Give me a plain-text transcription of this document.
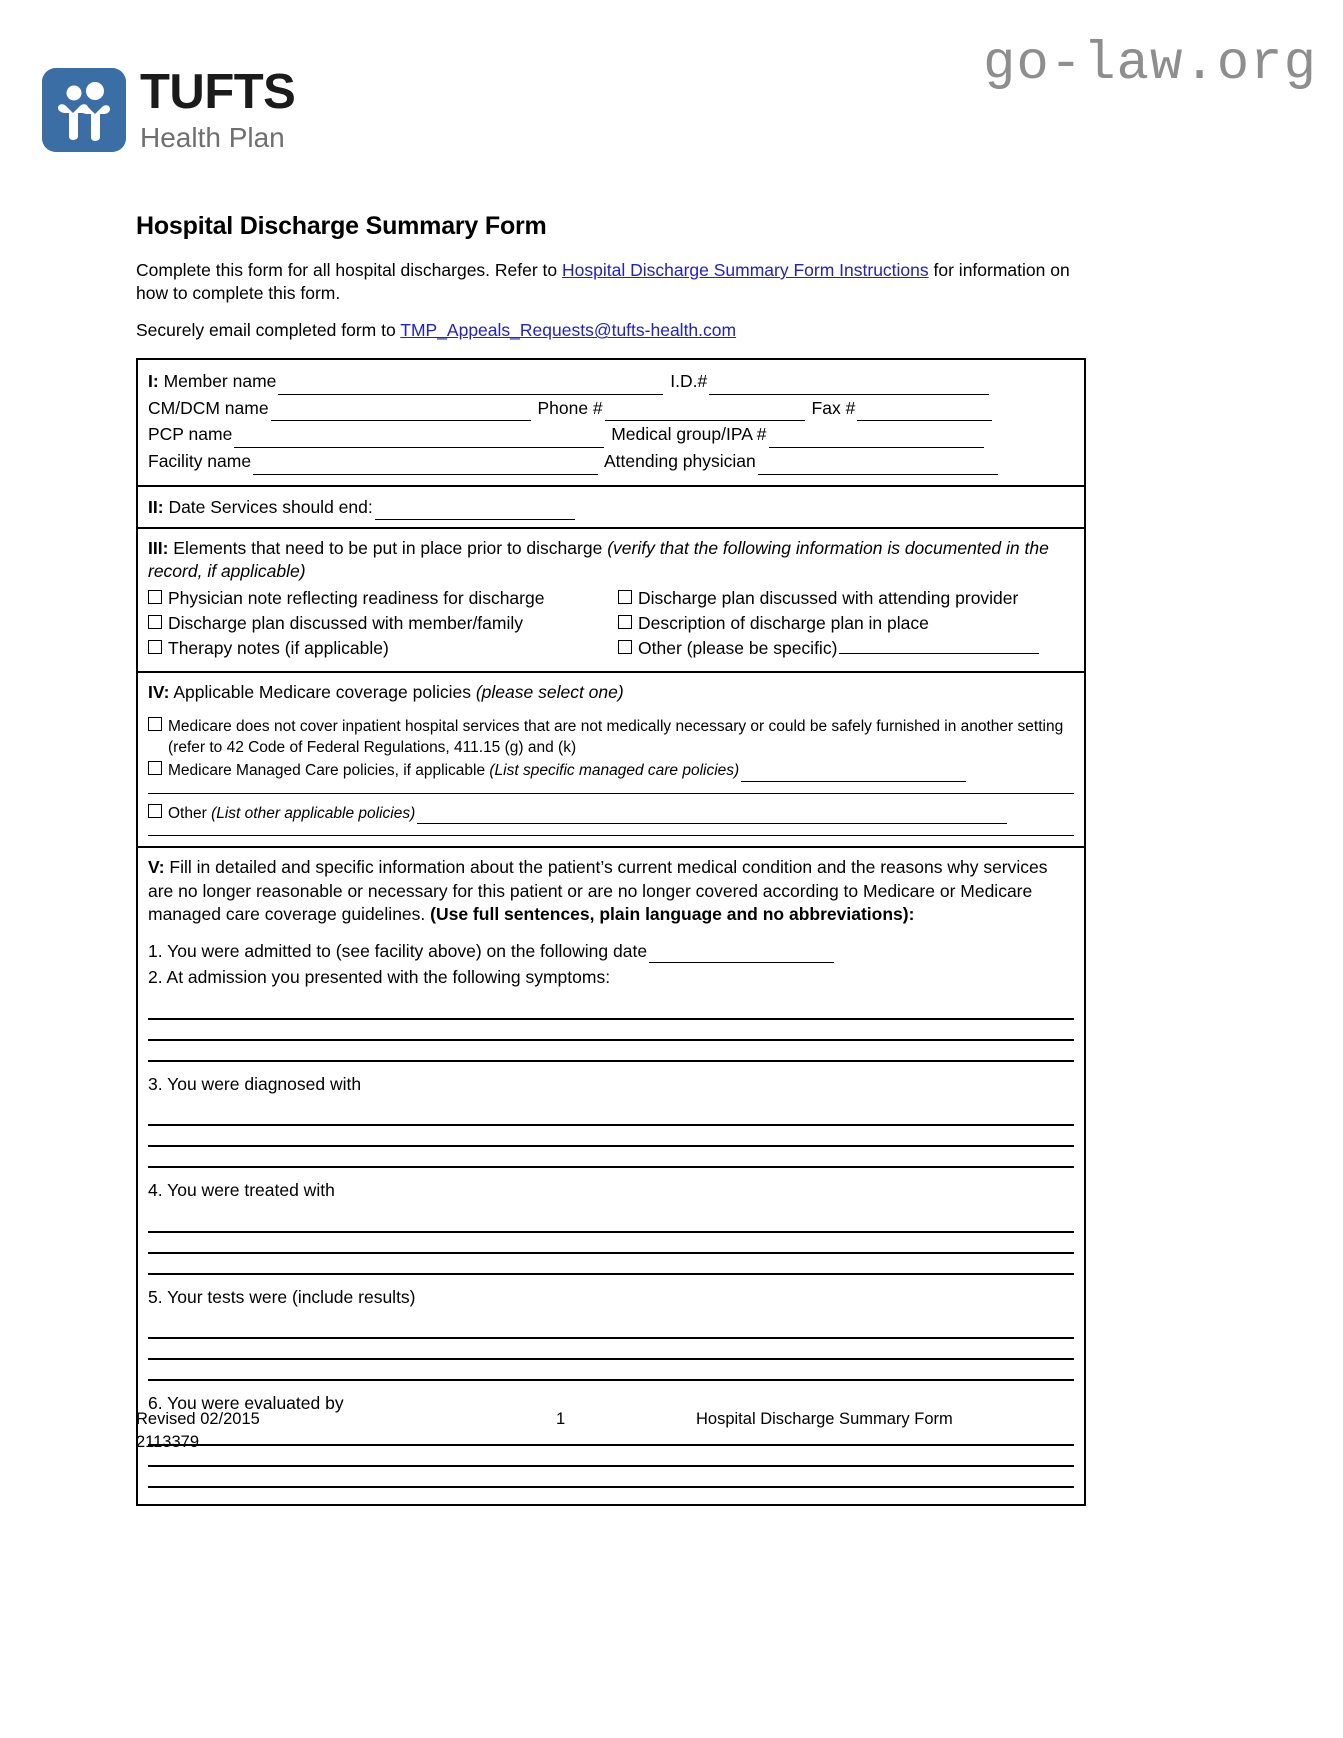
go-law.org
TUFTS
Health Plan
Hospital Discharge Summary Form

Complete this form for all hospital discharges. Refer to Hospital Discharge Summary Form Instructions for information on how to complete this form.

Securely email completed form to TMP_Appeals_Requests@tufts-health.com

I: Member name	I.D.#
CM/DCM name	Phone #	Fax #
PCP name	Medical group/IPA #
Facility name	Attending physician
II: Date Services should end:
III: Elements that need to be put in place prior to discharge (verify that the following information is documented in the record, if applicable)
Physician note reflecting readiness for discharge	Discharge plan discussed with attending provider
Discharge plan discussed with member/family	Description of discharge plan in place
Therapy notes (if applicable)	Other (please be specific)
IV: Applicable Medicare coverage policies (please select one)
Medicare does not cover inpatient hospital services that are not medically necessary or could be safely furnished in another setting (refer to 42 Code of Federal Regulations, 411.15 (g) and (k)
Medicare Managed Care policies, if applicable (List specific managed care policies)
Other (List other applicable policies)
V: Fill in detailed and specific information about the patient’s current medical condition and the reasons why services are no longer reasonable or necessary for this patient or are no longer covered according to Medicare or Medicare managed care coverage guidelines. (Use full sentences, plain language and no abbreviations):
1. You were admitted to (see facility above) on the following date
2. At admission you presented with the following symptoms:
3. You were diagnosed with
4. You were treated with
5. Your tests were (include results)
6. You were evaluated by
Revised 02/2015	1	Hospital Discharge Summary Form
2113379
